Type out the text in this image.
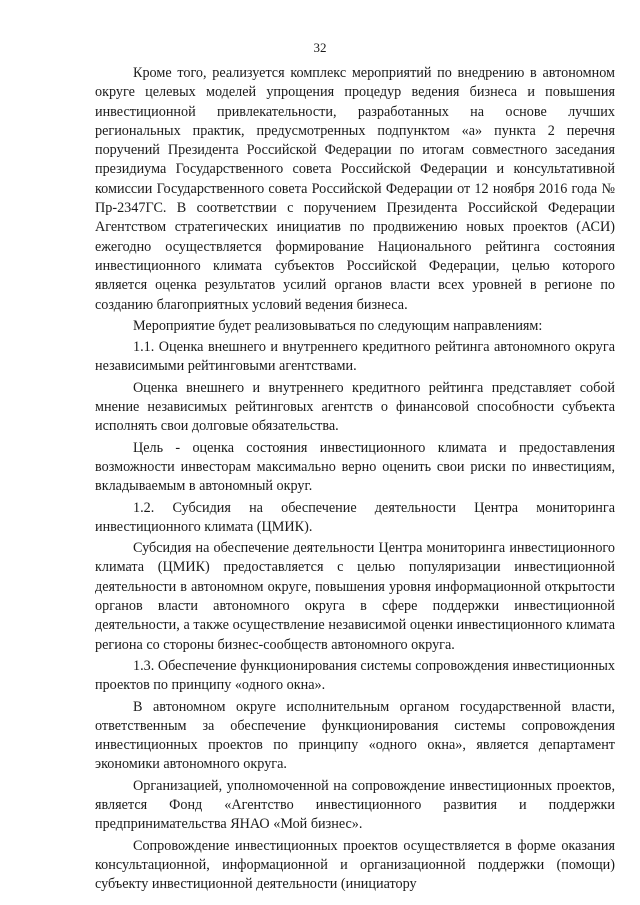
32

Кроме того, реализуется комплекс мероприятий по внедрению в автономном округе целевых моделей упрощения процедур ведения бизнеса и повышения инвестиционной привлекательности, разработанных на основе лучших региональных практик, предусмотренных подпунктом «а» пункта 2 перечня поручений Президента Российской Федерации по итогам совместного заседания президиума Государственного совета Российской Федерации и консультативной комиссии Государственного совета Российской Федерации от 12 ноября 2016 года № Пр-2347ГС. В соответствии с поручением Президента Российской Федерации Агентством стратегических инициатив по продвижению новых проектов (АСИ) ежегодно осуществляется формирование Национального рейтинга состояния инвестиционного климата субъектов Российской Федерации, целью которого является оценка результатов усилий органов власти всех уровней в регионе по созданию благоприятных условий ведения бизнеса.

Мероприятие будет реализовываться по следующим направлениям:

1.1. Оценка внешнего и внутреннего кредитного рейтинга автономного округа независимыми рейтинговыми агентствами.

Оценка внешнего и внутреннего кредитного рейтинга представляет собой мнение независимых рейтинговых агентств о финансовой способности субъекта исполнять свои долговые обязательства.

Цель - оценка состояния инвестиционного климата и предоставления возможности инвесторам максимально верно оценить свои риски по инвестициям, вкладываемым в автономный округ.

1.2. Субсидия на обеспечение деятельности Центра мониторинга инвестиционного климата (ЦМИК).

Субсидия на обеспечение деятельности Центра мониторинга инвестиционного климата (ЦМИК) предоставляется с целью популяризации инвестиционной деятельности в автономном округе, повышения уровня информационной открытости органов власти автономного округа в сфере поддержки инвестиционной деятельности, а также осуществление независимой оценки инвестиционного климата региона со стороны бизнес-сообществ автономного округа.

1.3. Обеспечение функционирования системы сопровождения инвестиционных проектов по принципу «одного окна».

В автономном округе исполнительным органом государственной власти, ответственным за обеспечение функционирования системы сопровождения инвестиционных проектов по принципу «одного окна», является департамент экономики автономного округа.

Организацией, уполномоченной на сопровождение инвестиционных проектов, является Фонд «Агентство инвестиционного развития и поддержки предпринимательства ЯНАО «Мой бизнес».

Сопровождение инвестиционных проектов осуществляется в форме оказания консультационной, информационной и организационной поддержки (помощи) субъекту инвестиционной деятельности (инициатору
